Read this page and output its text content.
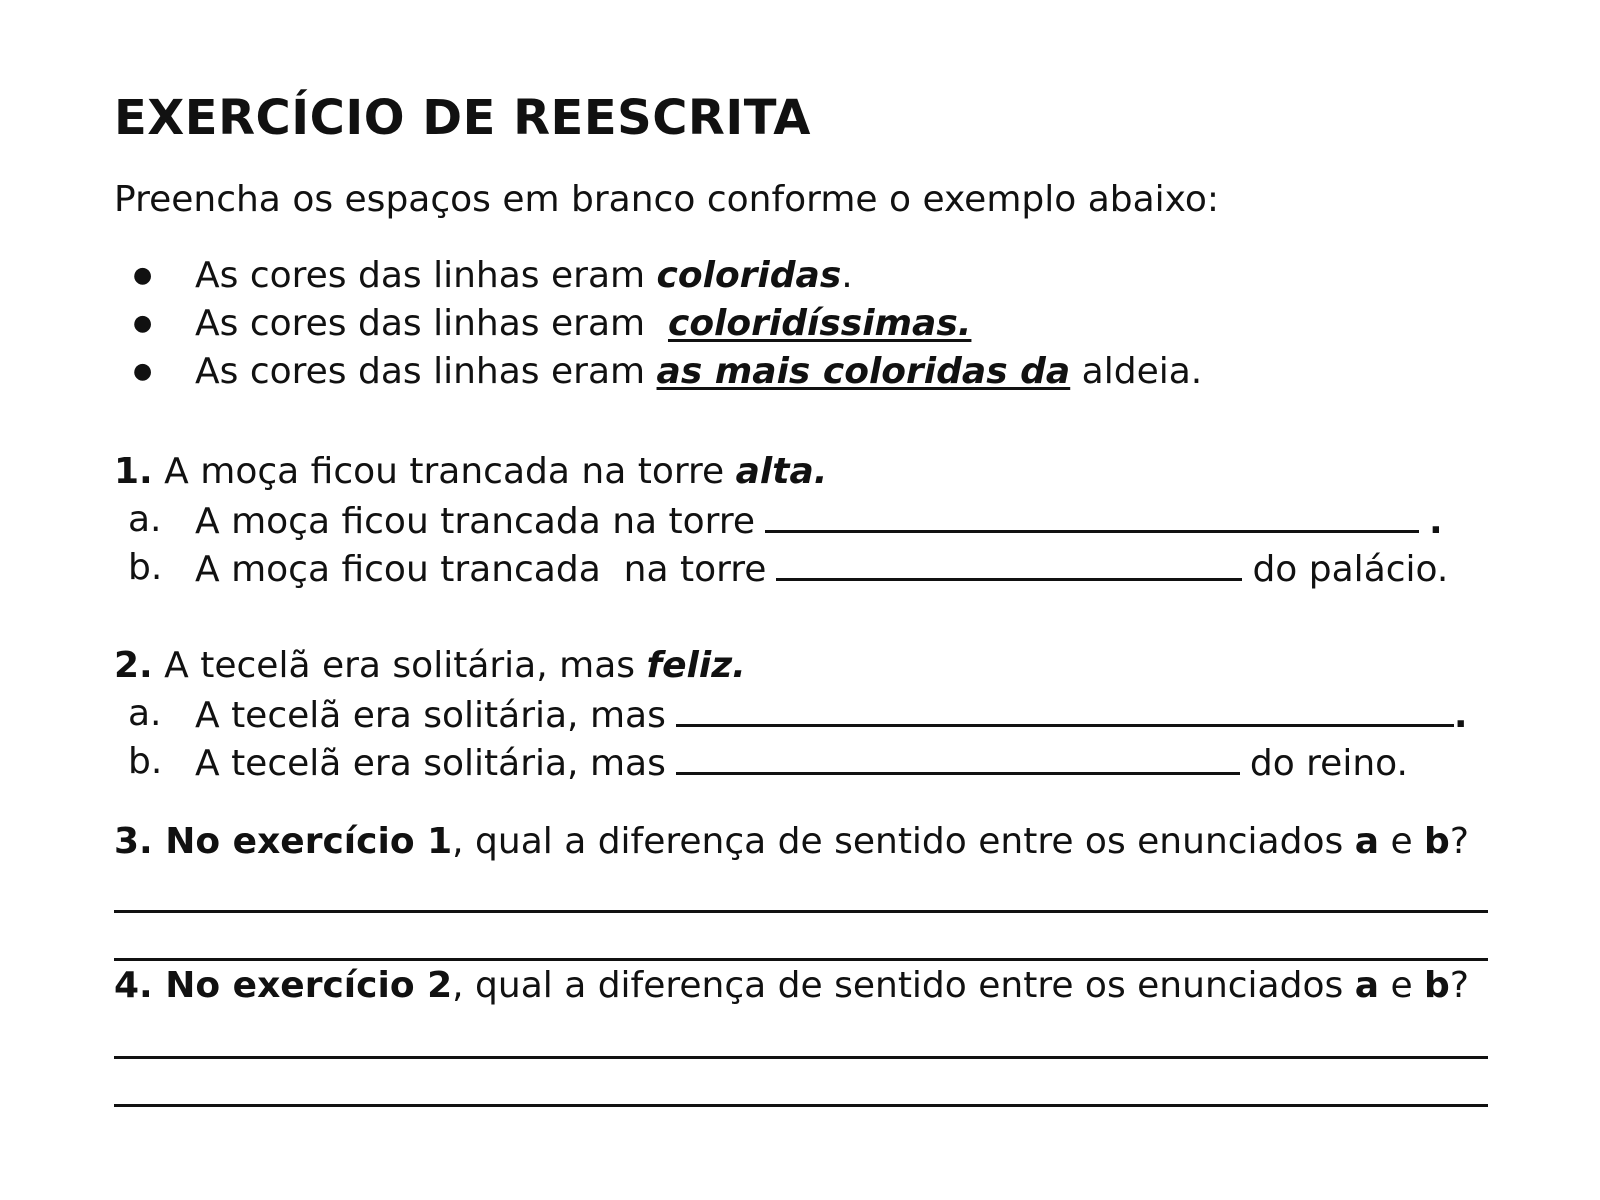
EXERCÍCIO DE REESCRITA
Preencha os espaços em branco conforme o exemplo abaixo:
●	As cores das linhas eram coloridas.
●	As cores das linhas eram  coloridíssimas.
●	As cores das linhas eram as mais coloridas da aldeia.
1. A moça ficou trancada na torre alta.
a. A moça ficou trancada na torre	.
b. A moça ficou trancada  na torre	do palácio.
2. A tecelã era solitária, mas feliz.
a. A tecelã era solitária, mas	.
b. A tecelã era solitária, mas	do reino.
3. No exercício 1, qual a diferença de sentido entre os enunciados a e b?
4. No exercício 2, qual a diferença de sentido entre os enunciados a e b?
